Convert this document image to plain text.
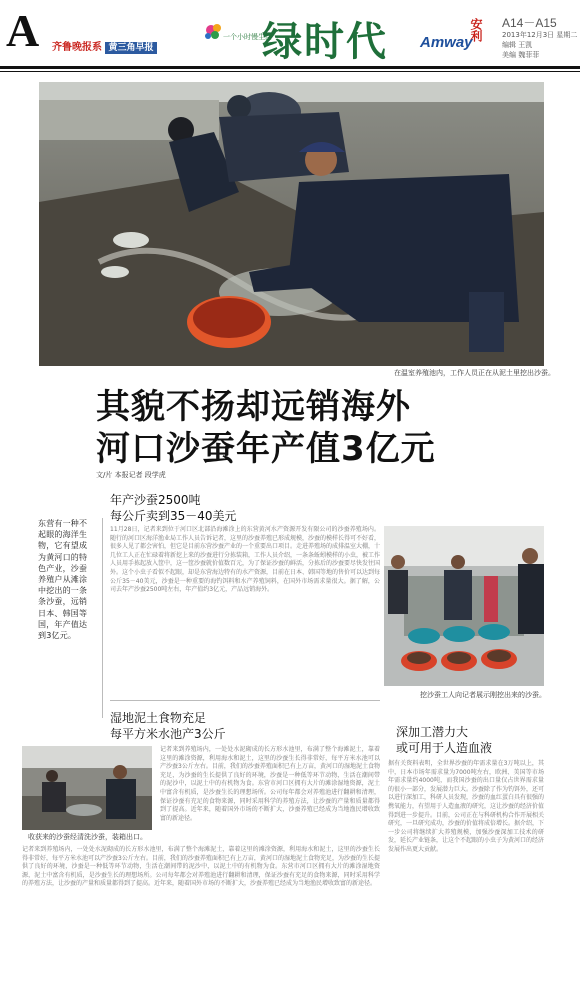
A 齐鲁晚报系 黄三角早报
一个小时慢生活
绿时代 Amway
安利 A14－A15
2013年12月3日 星期二
编辑 王凯
美编 魏菲菲
在温室养殖池内，工作人员正在从泥土里挖出沙蚕。
其貌不扬却远销海外
河口沙蚕年产值3亿元
文/片 本报记者 段学虎
东营有一种不起眼的海洋生物，它有望成为黄河口的特色产业，沙蚕养殖户从滩涂中挖出的一条条沙蚕，远销日本、韩国等国，年产值达到3亿元。
年产沙蚕2500吨
每公斤卖到35－40美元
11月28日，记者来到位于河口区北部沿海滩涂上的东营黄河水产资源开发有限公司的沙蚕养殖场内。随行的河口区海洋渔业局工作人员告诉记者，这里的沙蚕养殖已形成规模，沙蚕的模样长得可不好看，很多人见了都会害怕，但它是目前东营沙蚕产业的一个重要出口项目。走进养殖场的成排温室大棚，十几位工人正在忙碌着将新挖上来的沙蚕进行分拣装箱，工作人员介绍，一条条蚯蚓模样的小虫，被工作人员用手拣起放入筐中，这一筐沙蚕就价值数百元，为了保证沙蚕的鲜活，分拣后的沙蚕要尽快发往国外。这个小虫子看似不起眼，却是东营海边特有的水产资源，目前在日本、韩国等地的售价可以达到每公斤35－40美元，沙蚕是一种重要的海钓饵料和水产养殖饲料，在国外市场需求量很大。据了解，公司去年产沙蚕2500吨左右，年产值约3亿元，产品远销海外。
挖沙蚕工人向记者展示刚挖出来的沙蚕。
湿地泥土食物充足
每平方米水池产3公斤
收获来的沙蚕经清洗沙蚕，装箱出口。
记者来到养殖场内，一处处水泥砌成的长方形水池里，布满了整个海滩泥土，靠着这里的滩涂资源，利用海水和泥土，这里的沙蚕生长得非常好，每平方米水池可以产沙蚕3公斤左右。目前，我们的沙蚕养殖面积已有上万亩，黄河口的湿地泥土食物充足，为沙蚕的生长提供了良好的环境，沙蚕是一种低等环节动物，生活在潮间带的泥沙中，以泥土中的有机物为食。东营市河口区拥有大片的滩涂湿地资源，泥土中富含有机质，是沙蚕生长的理想场所。公司每年都会对养殖池进行翻耕和清理，保证沙蚕有充足的食物来源，同时采用科学的养殖方法，让沙蚕的产量和质量都得到了提高。近年来，随着国外市场的不断扩大，沙蚕养殖已经成为当地渔民增收致富的新途径。
记者来到养殖场内，一处处水泥砌成的长方形水池里，布满了整个海滩泥土，靠着这里的滩涂资源，利用海水和泥土，这里的沙蚕生长得非常好，每平方米水池可以产沙蚕3公斤左右。目前，我们的沙蚕养殖面积已有上万亩，黄河口的湿地泥土食物充足，为沙蚕的生长提供了良好的环境，沙蚕是一种低等环节动物，生活在潮间带的泥沙中，以泥土中的有机物为食。东营市河口区拥有大片的滩涂湿地资源，泥土中富含有机质，是沙蚕生长的理想场所。公司每年都会对养殖池进行翻耕和清理，保证沙蚕有充足的食物来源，同时采用科学的养殖方法，让沙蚕的产量和质量都得到了提高。近年来，随着国外市场的不断扩大，沙蚕养殖已经成为当地渔民增收致富的新途径。
深加工潜力大
或可用于人造血液
据有关资料表明，全世界沙蚕的年需求量在3万吨以上，其中，日本市场年需求量为7000吨左右，欧洲、美国等市场年需求量约4000吨，而我国沙蚕的出口量仅占世界需求量的很小一部分，发展潜力巨大。沙蚕除了作为钓饵外，还可以进行深加工，科研人员发现，沙蚕的血红蛋白具有很强的携氧能力，有望用于人造血液的研究，这让沙蚕的经济价值得到进一步提升。目前，公司正在与科研机构合作开展相关研究，一旦研究成功，沙蚕的价值将成倍增长。据介绍，下一步公司将继续扩大养殖规模，加强沙蚕深加工技术的研发，延长产业链条，让这个不起眼的小虫子为黄河口的经济发展作出更大贡献。
